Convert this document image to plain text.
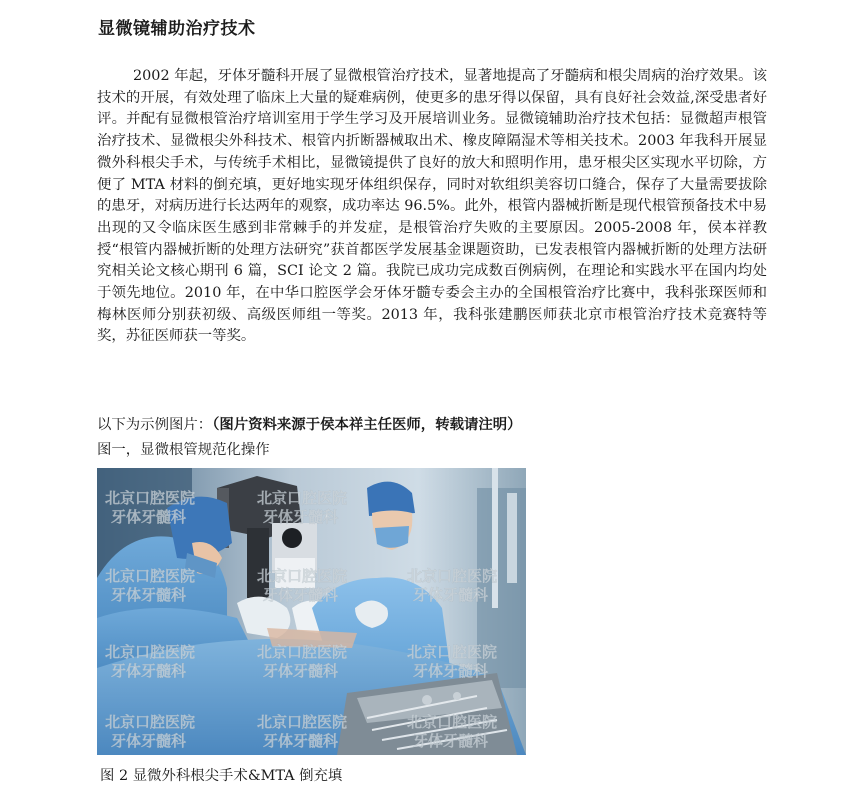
显微镜辅助治疗技术

2002 年起，牙体牙髓科开展了显微根管治疗技术，显著地提高了牙髓病和根尖周病的治疗效果。该技术的开展，有效处理了临床上大量的疑难病例，使更多的患牙得以保留，具有良好社会效益,深受患者好评。并配有显微根管治疗培训室用于学生学习及开展培训业务。显微镜辅助治疗技术包括：显微超声根管治疗技术、显微根尖外科技术、根管内折断器械取出术、橡皮障隔湿术等相关技术。2003 年我科开展显微外科根尖手术，与传统手术相比，显微镜提供了良好的放大和照明作用，患牙根尖区实现水平切除，方便了 MTA 材料的倒充填，更好地实现牙体组织保存，同时对软组织美容切口缝合，保存了大量需要拔除的患牙，对病历进行长达两年的观察，成功率达 96.5%。此外，根管内器械折断是现代根管预备技术中易出现的又令临床医生感到非常棘手的并发症，是根管治疗失败的主要原因。2005-2008 年，侯本祥教授“根管内器械折断的处理方法研究”获首都医学发展基金课题资助，已发表根管内器械折断的处理方法研究相关论文核心期刊 6 篇，SCI 论文 2 篇。我院已成功完成数百例病例，在理论和实践水平在国内均处于领先地位。2010 年，在中华口腔医学会牙体牙髓专委会主办的全国根管治疗比赛中，我科张琛医师和梅林医师分别获初级、高级医师组一等奖。2013 年，我科张建鹏医师获北京市根管治疗技术竞赛特等奖，苏征医师获一等奖。

以下为示例图片：（图片资料来源于侯本祥主任医师，转载请注明）

图一，显微根管规范化操作

北京口腔医院
牙体牙髓科
北京口腔医院
牙体牙髓科
北京口腔医院
牙体牙髓科
北京口腔医院
牙体牙髓科
北京口腔医院
牙体牙髓科
北京口腔医院
牙体牙髓科
北京口腔医院
牙体牙髓科
北京口腔医院
牙体牙髓科
北京口腔医院
牙体牙髓科
北京口腔医院
牙体牙髓科
北京口腔医院
牙体牙髓科

图 2 显微外科根尖手术&MTA 倒充填
